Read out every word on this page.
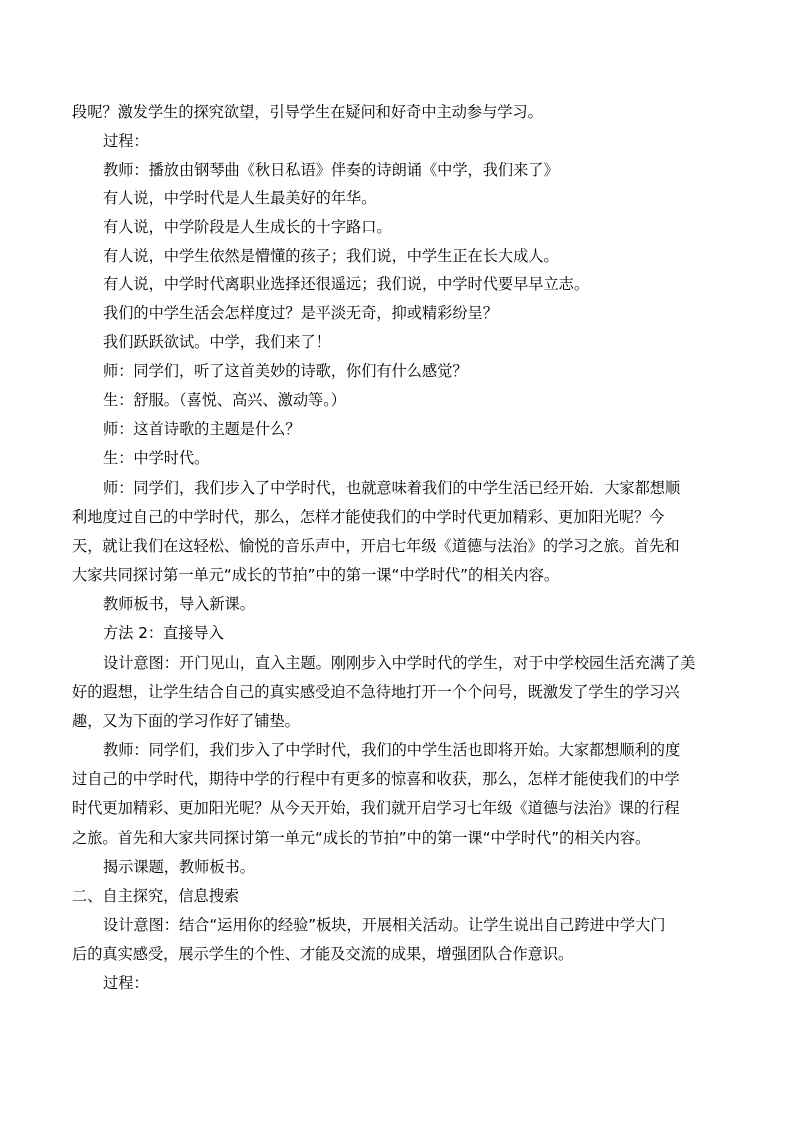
段呢？激发学生的探究欲望，引导学生在疑问和好奇中主动参与学习。
过程：
教师：播放由钢琴曲《秋日私语》伴奏的诗朗诵《中学，我们来了》
有人说，中学时代是人生最美好的年华。
有人说，中学阶段是人生成长的十字路口。
有人说，中学生依然是懵懂的孩子；我们说，中学生正在长大成人。
有人说，中学时代离职业选择还很遥远；我们说，中学时代要早早立志。
我们的中学生活会怎样度过？是平淡无奇，抑或精彩纷呈？
我们跃跃欲试。中学，我们来了！
师：同学们，听了这首美妙的诗歌，你们有什么感觉？
生：舒服。（喜悦、高兴、激动等。）
师：这首诗歌的主题是什么？
生：中学时代。
师：同学们，我们步入了中学时代，也就意味着我们的中学生活已经开始．大家都想顺
利地度过自己的中学时代，那么，怎样才能使我们的中学时代更加精彩、更加阳光呢？今
天，就让我们在这轻松、愉悦的音乐声中，开启七年级《道德与法治》的学习之旅。首先和
大家共同探讨第一单元“成长的节拍”中的第一课“中学时代”的相关内容。
教师板书，导入新课。
方法 2：直接导入
设计意图：开门见山，直入主题。刚刚步入中学时代的学生，对于中学校园生活充满了美
好的遐想，让学生结合自己的真实感受迫不急待地打开一个个问号，既激发了学生的学习兴
趣，又为下面的学习作好了铺垫。
教师：同学们，我们步入了中学时代，我们的中学生活也即将开始。大家都想顺利的度
过自己的中学时代，期待中学的行程中有更多的惊喜和收获，那么，怎样才能使我们的中学
时代更加精彩、更加阳光呢？从今天开始，我们就开启学习七年级《道德与法治》课的行程
之旅。首先和大家共同探讨第一单元“成长的节拍”中的第一课“中学时代”的相关内容。
揭示课题，教师板书。
二、自主探究，信息搜索
设计意图：结合“运用你的经验”板块，开展相关活动。让学生说出自己跨进中学大门
后的真实感受，展示学生的个性、才能及交流的成果，增强团队合作意识。
过程：
